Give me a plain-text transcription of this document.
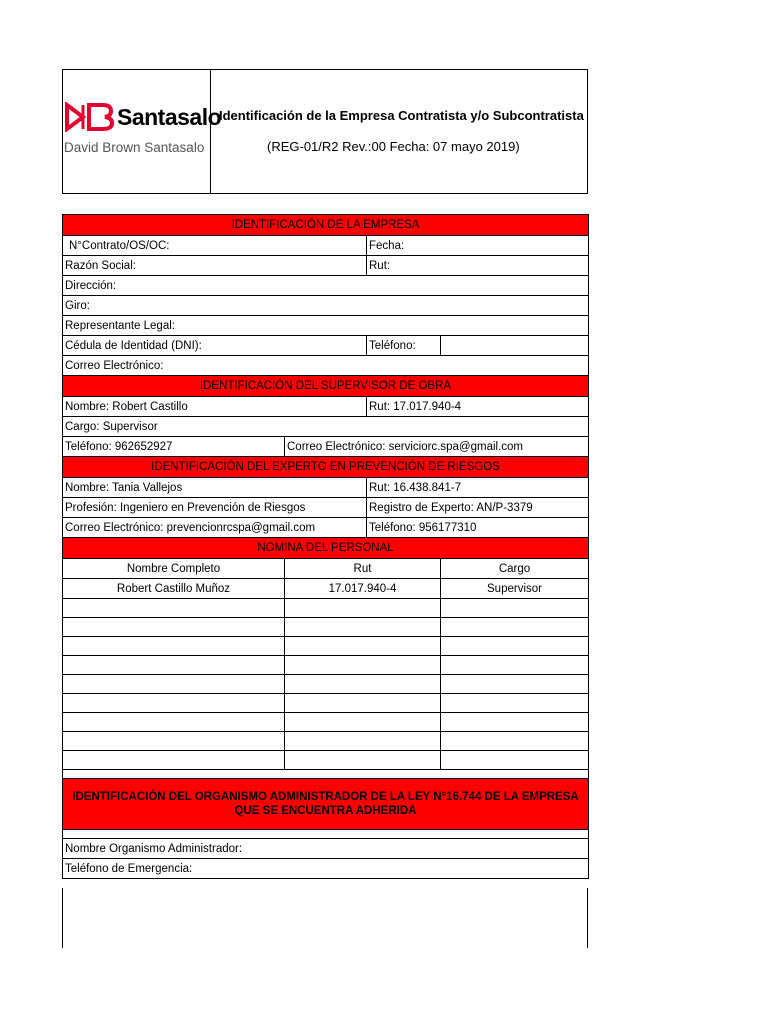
Santasalo
David Brown Santasalo
Identificación de la Empresa Contratista y/o Subcontratista
(REG-01/R2 Rev.:00 Fecha: 07 mayo 2019)
IDENTIFICACIÓN DE LA EMPRESA			
N°Contrato/OS/OC:		Fecha:	
Razón Social:		Rut:	
Dirección:			
Giro:			
Representante Legal:			
Cédula de Identidad (DNI):		Teléfono:	
Correo Electrónico:			
IDENTIFICACIÓN DEL SUPERVISOR DE OBRA			
Nombre: Robert Castillo		Rut: 17.017.940-4	
Cargo: Supervisor			
Teléfono: 962652927	Correo Electrónico: serviciorc.spa@gmail.com		
IDENTIFICACIÓN DEL EXPERTO EN PREVENCIÓN DE RIESGOS			
Nombre: Tania Vallejos		Rut: 16.438.841-7	
Profesión: Ingeniero en Prevención de Riesgos		Registro de Experto: AN/P-3379	
Correo Electrónico: prevencionrcspa@gmail.com		Teléfono: 956177310	
NOMINA DEL PERSONAL			
Nombre Completo	Rut		Cargo
Robert Castillo Muñoz	17.017.940-4		Supervisor

IDENTIFICACIÓN DEL ORGANISMO ADMINISTRADOR DE LA LEY N°16.744 DE LA EMPRESA QUE SE ENCUENTRA ADHERIDA			

Nombre Organismo Administrador:			
Teléfono de Emergencia:			
